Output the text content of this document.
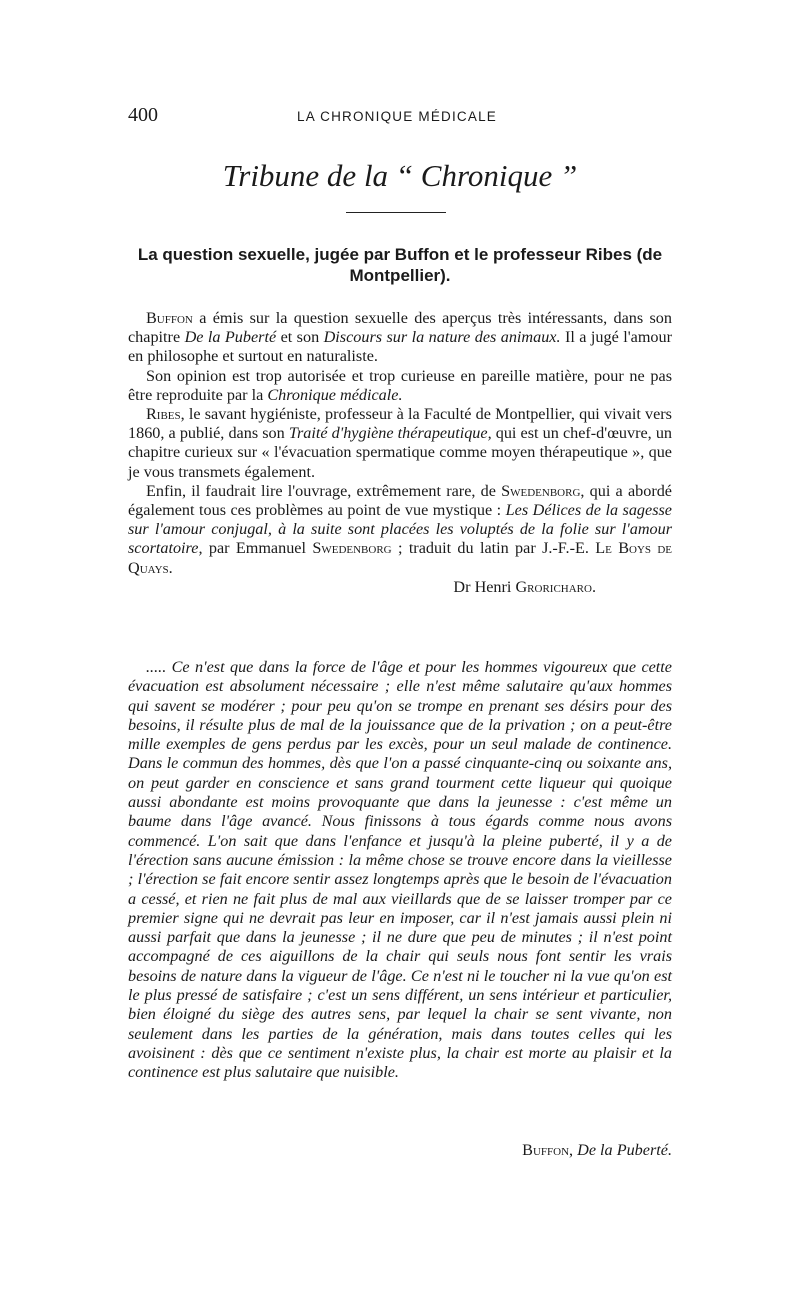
400	LA CHRONIQUE MÉDICALE
Tribune de la “ Chronique ”
La question sexuelle, jugée par Buffon et le professeur Ribes (de Montpellier).

Buffon a émis sur la question sexuelle des aperçus très intéressants, dans son chapitre De la Puberté et son Discours sur la nature des animaux. Il a jugé l'amour en philosophe et surtout en naturaliste.

Son opinion est trop autorisée et trop curieuse en pareille matière, pour ne pas être reproduite par la Chronique médicale.

Ribes, le savant hygiéniste, professeur à la Faculté de Montpellier, qui vivait vers 1860, a publié, dans son Traité d'hygiène thérapeutique, qui est un chef-d'œuvre, un chapitre curieux sur « l'évacuation spermatique comme moyen thérapeutique », que je vous transmets également.

Enfin, il faudrait lire l'ouvrage, extrêmement rare, de Swedenborg, qui a abordé également tous ces problèmes au point de vue mystique : Les Délices de la sagesse sur l'amour conjugal, à la suite sont placées les voluptés de la folie sur l'amour scortatoire, par Emmanuel Swedenborg ; traduit du latin par J.-F.-E. Le Boys de Quays.

Dr Henri Groricharo.

..... Ce n'est que dans la force de l'âge et pour les hommes vigoureux que cette évacuation est absolument nécessaire ; elle n'est même salutaire qu'aux hommes qui savent se modérer ; pour peu qu'on se trompe en prenant ses désirs pour des besoins, il résulte plus de mal de la jouissance que de la privation ; on a peut-être mille exemples de gens perdus par les excès, pour un seul malade de continence. Dans le commun des hommes, dès que l'on a passé cinquante-cinq ou soixante ans, on peut garder en conscience et sans grand tourment cette liqueur qui quoique aussi abondante est moins provoquante que dans la jeunesse : c'est même un baume dans l'âge avancé. Nous finissons à tous égards comme nous avons commencé. L'on sait que dans l'enfance et jusqu'à la pleine puberté, il y a de l'érection sans aucune émission : la même chose se trouve encore dans la vieillesse ; l'érection se fait encore sentir assez longtemps après que le besoin de l'évacuation a cessé, et rien ne fait plus de mal aux vieillards que de se laisser tromper par ce premier signe qui ne devrait pas leur en imposer, car il n'est jamais aussi plein ni aussi parfait que dans la jeunesse ; il ne dure que peu de minutes ; il n'est point accompagné de ces aiguillons de la chair qui seuls nous font sentir les vrais besoins de nature dans la vigueur de l'âge. Ce n'est ni le toucher ni la vue qu'on est le plus pressé de satisfaire ; c'est un sens différent, un sens intérieur et particulier, bien éloigné du siège des autres sens, par lequel la chair se sent vivante, non seulement dans les parties de la génération, mais dans toutes celles qui les avoisinent : dès que ce sentiment n'existe plus, la chair est morte au plaisir et la continence est plus salutaire que nuisible.

Buffon, De la Puberté.
